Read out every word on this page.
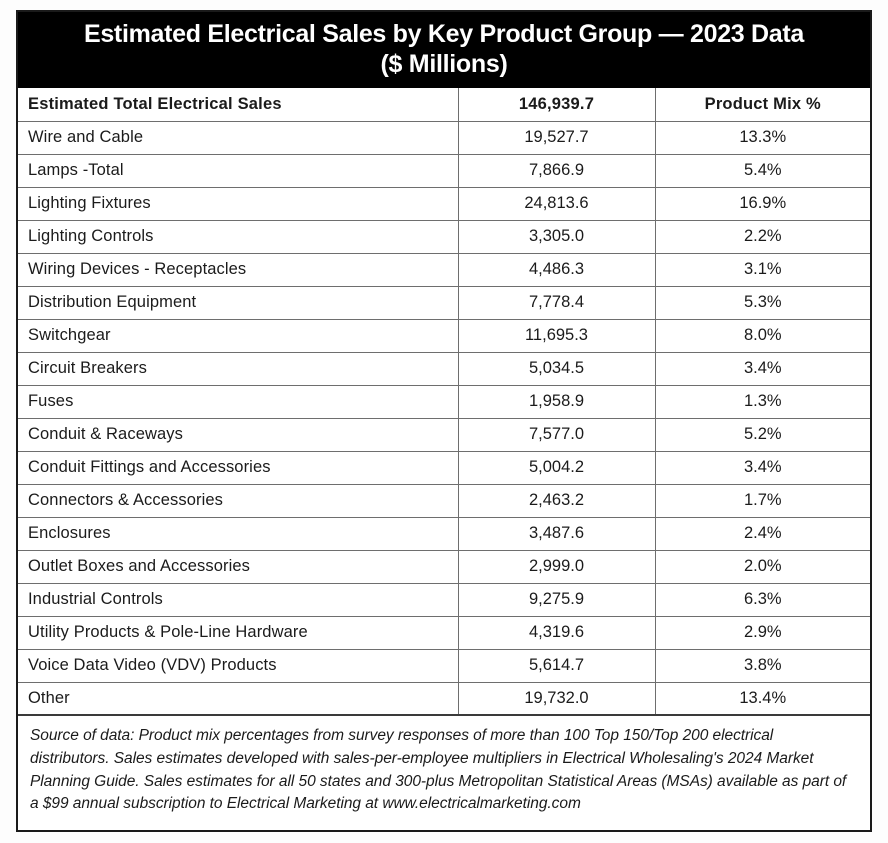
Estimated Electrical Sales by Key Product Group — 2023 Data
($ Millions)
Estimated Total Electrical Sales	146,939.7	Product Mix %
Wire and Cable	19,527.7	13.3%
Lamps -Total	7,866.9	5.4%
Lighting Fixtures	24,813.6	16.9%
Lighting Controls	3,305.0	2.2%
Wiring Devices - Receptacles	4,486.3	3.1%
Distribution Equipment	7,778.4	5.3%
Switchgear	11,695.3	8.0%
Circuit Breakers	5,034.5	3.4%
Fuses	1,958.9	1.3%
Conduit & Raceways	7,577.0	5.2%
Conduit Fittings and Accessories	5,004.2	3.4%
Connectors & Accessories	2,463.2	1.7%
Enclosures	3,487.6	2.4%
Outlet Boxes and Accessories	2,999.0	2.0%
Industrial Controls	9,275.9	6.3%
Utility Products & Pole-Line Hardware	4,319.6	2.9%
Voice Data Video (VDV) Products	5,614.7	3.8%
Other	19,732.0	13.4%
Source of data: Product mix percentages from survey responses of more than 100 Top 150/Top 200 electrical distributors. Sales estimates developed with sales-per-employee multipliers in Electrical Wholesaling's 2024 Market Planning Guide. Sales estimates for all 50 states and 300-plus Metropolitan Statistical Areas (MSAs) available as part of a $99 annual subscription to Electrical Marketing at www.electricalmarketing.com
